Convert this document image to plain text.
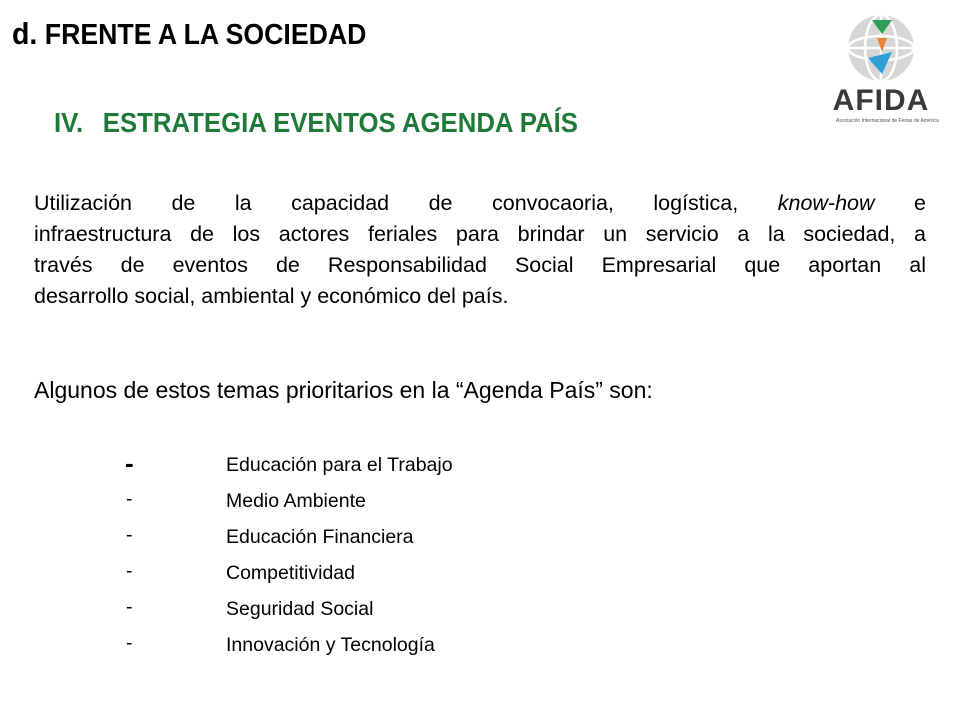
d. FRENTE A LA SOCIEDAD
IV. ESTRATEGIA EVENTOS AGENDA PAÍS
AFIDA
Asociación Internacional de Ferias de América
Utilización de la capacidad de convocaoria, logística, know-how e
infraestructura de los actores feriales para brindar un servicio a la sociedad, a
través de eventos de Responsabilidad Social Empresarial que aportan al
desarrollo social, ambiental y económico del país.
Algunos de estos temas prioritarios en la “Agenda País” son:
-	Educación para el Trabajo
-	Medio Ambiente
-	Educación Financiera
-	Competitividad
-	Seguridad Social
-	Innovación y Tecnología
